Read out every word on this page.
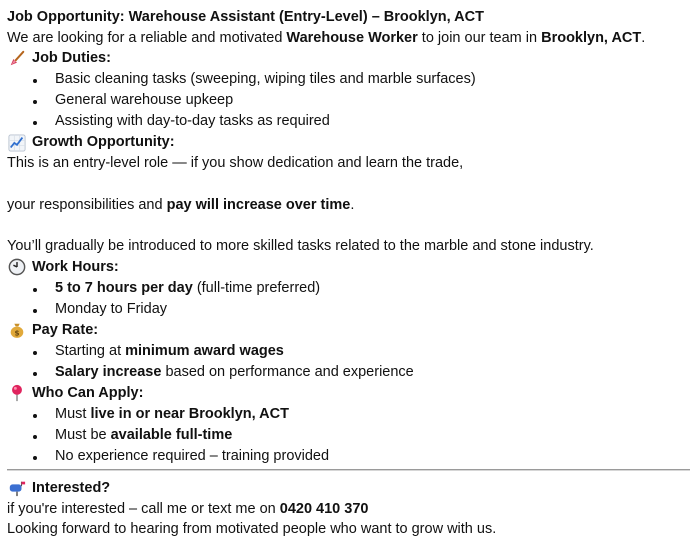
Job Opportunity: Warehouse Assistant (Entry-Level) – Brooklyn, ACT
We are looking for a reliable and motivated Warehouse Worker to join our team in Brooklyn, ACT.
Job Duties:
Basic cleaning tasks (sweeping, wiping tiles and marble surfaces)
General warehouse upkeep
Assisting with day-to-day tasks as required
Growth Opportunity:
This is an entry-level role — if you show dedication and learn the trade,
your responsibilities and pay will increase over time.
You’ll gradually be introduced to more skilled tasks related to the marble and stone industry.
Work Hours:
5 to 7 hours per day (full-time preferred)
Monday to Friday
$ Pay Rate:
Starting at minimum award wages
Salary increase based on performance and experience
Who Can Apply:
Must live in or near Brooklyn, ACT
Must be available full-time
No experience required – training provided
Interested?
if you're interested – call me or text me on 0420 410 370
Looking forward to hearing from motivated people who want to grow with us.
